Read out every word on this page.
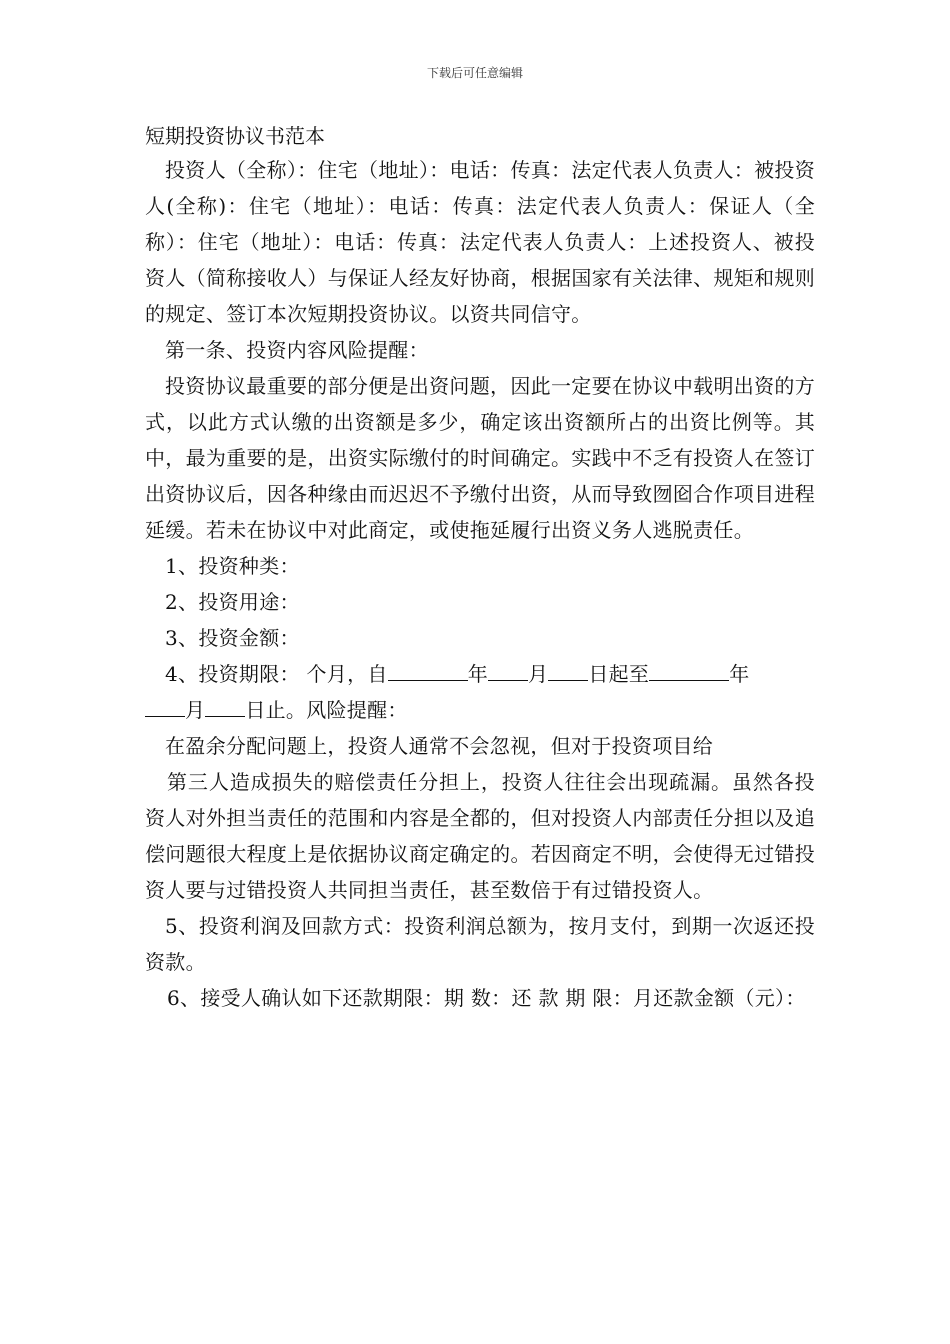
下载后可任意编辑

短期投资协议书范本

投资人（全称）：住宅（地址）：电话：传真：法定代表人负责人：被投资人(全称)：住宅（地址）：电话：传真：法定代表人负责人：保证人（全称）：住宅（地址）：电话：传真：法定代表人负责人：上述投资人、被投资人（简称接收人）与保证人经友好协商，根据国家有关法律、规矩和规则的规定、签订本次短期投资协议。以资共同信守。

第一条、投资内容风险提醒：

投资协议最重要的部分便是出资问题，因此一定要在协议中载明出资的方式，以此方式认缴的出资额是多少，确定该出资额所占的出资比例等。其中，最为重要的是，出资实际缴付的时间确定。实践中不乏有投资人在签订出资协议后，因各种缘由而迟迟不予缴付出资，从而导致囫囵合作项目进程延缓。若未在协议中对此商定，或使拖延履行出资义务人逃脱责任。

1、投资种类：

2、投资用途：

3、投资金额：

4、投资期限： 个月，自	年 月 日起至	年
月 日止。风险提醒：

在盈余分配问题上，投资人通常不会忽视，但对于投资项目给

第三人造成损失的赔偿责任分担上，投资人往往会出现疏漏。虽然各投资人对外担当责任的范围和内容是全都的，但对投资人内部责任分担以及追偿问题很大程度上是依据协议商定确定的。若因商定不明，会使得无过错投资人要与过错投资人共同担当责任，甚至数倍于有过错投资人。

5、投资利润及回款方式：投资利润总额为，按月支付，到期一次返还投资款。

6、接受人确认如下还款期限：期 数：还 款 期 限：月还款金额（元）：
